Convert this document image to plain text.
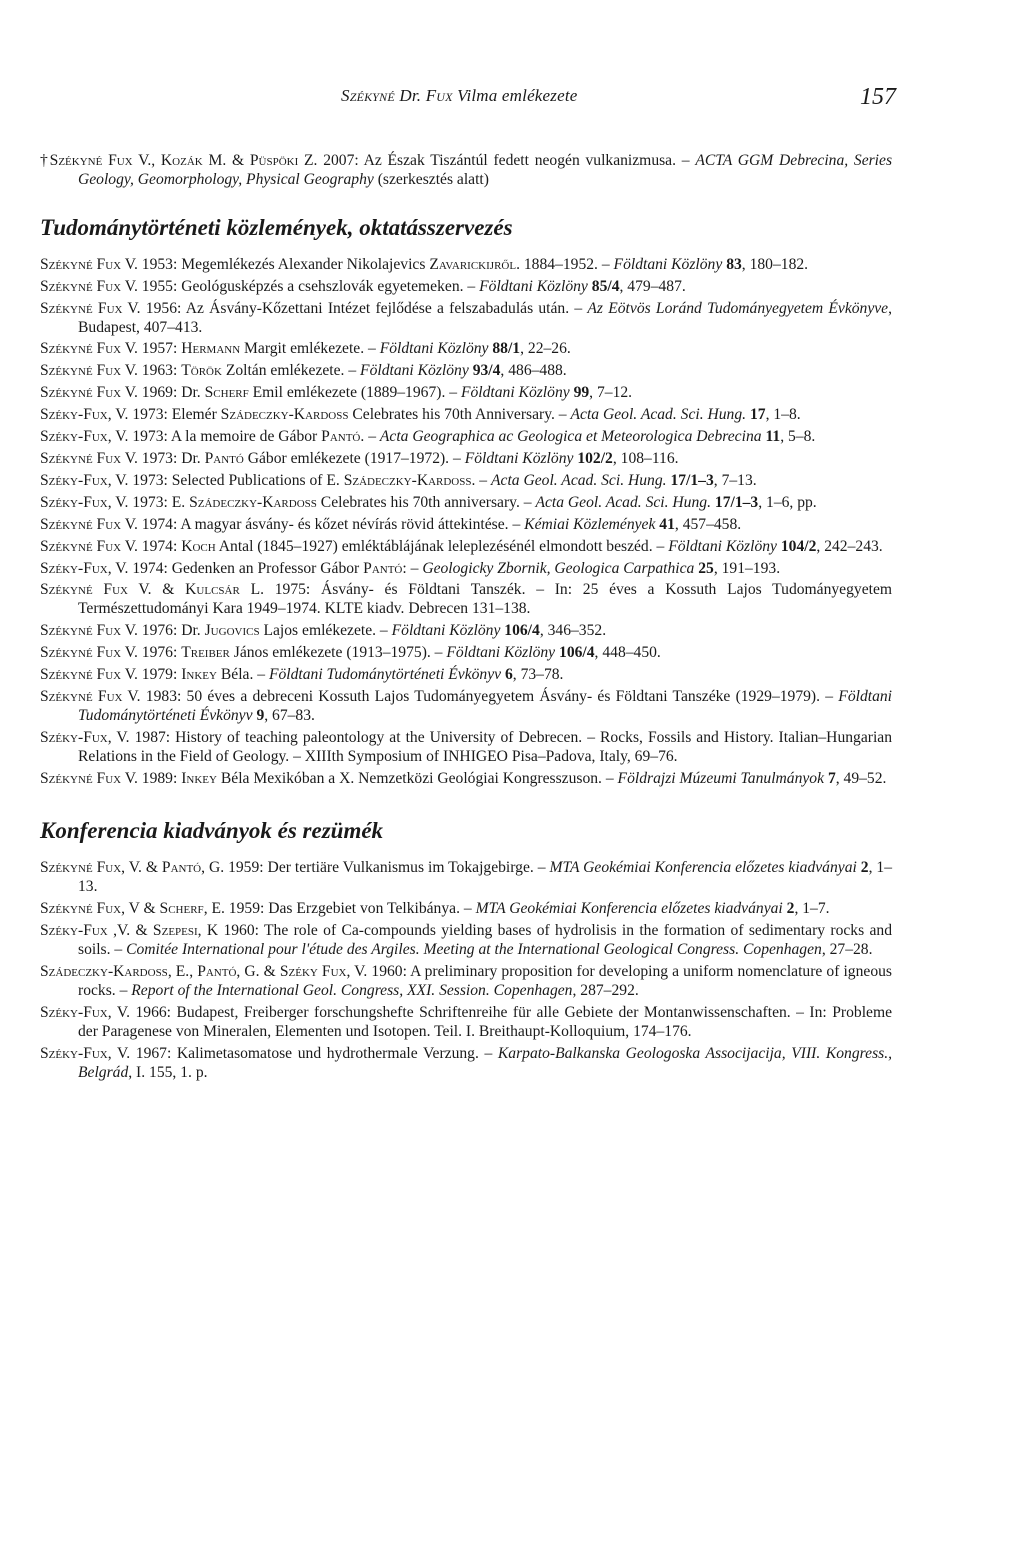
Székyné Dr. Fux Vilma emlékezete	157

†Székyné Fux V., Kozák M. & Püspöki Z. 2007: Az Észak Tiszántúl fedett neogén vulkanizmusa. – ACTA GGM Debrecina, Series Geology, Geomorphology, Physical Geography (szerkesztés alatt)

Tudománytörténeti közlemények, oktatásszervezés

Székyné Fux V. 1953: Megemlékezés Alexander Nikolajevics Zavarickijről. 1884–1952. – Földtani Közlöny 83, 180–182.

Székyné Fux V. 1955: Geológusképzés a csehszlovák egyetemeken. – Földtani Közlöny 85/4, 479–487.

Székyné Fux V. 1956: Az Ásvány-Kőzettani Intézet fejlődése a felszabadulás után. – Az Eötvös Loránd Tudományegyetem Évkönyve, Budapest, 407–413.

Székyné Fux V. 1957: Hermann Margit emlékezete. – Földtani Közlöny 88/1, 22–26.

Székyné Fux V. 1963: Török Zoltán emlékezete. – Földtani Közlöny 93/4, 486–488.

Székyné Fux V. 1969: Dr. Scherf Emil emlékezete (1889–1967). – Földtani Közlöny 99, 7–12.

Széky-Fux, V. 1973: Elemér Szádeczky-Kardoss Celebrates his 70th Anniversary. – Acta Geol. Acad. Sci. Hung. 17, 1–8.

Széky-Fux, V. 1973: A la memoire de Gábor Pantó. – Acta Geographica ac Geologica et Meteorologica Debrecina 11, 5–8.

Székyné Fux V. 1973: Dr. Pantó Gábor emlékezete (1917–1972). – Földtani Közlöny 102/2, 108–116.

Széky-Fux, V. 1973: Selected Publications of E. Szádeczky-Kardoss. – Acta Geol. Acad. Sci. Hung. 17/1–3, 7–13.

Széky-Fux, V. 1973: E. Szádeczky-Kardoss Celebrates his 70th anniversary. – Acta Geol. Acad. Sci. Hung. 17/1–3, 1–6, pp.

Székyné Fux V. 1974: A magyar ásvány- és kőzet névírás rövid áttekintése. – Kémiai Közlemények 41, 457–458.

Székyné Fux V. 1974: Koch Antal (1845–1927) emléktáblájának leleplezésénél elmondott beszéd. – Földtani Közlöny 104/2, 242–243.

Széky-Fux, V. 1974: Gedenken an Professor Gábor Pantó: – Geologicky Zbornik, Geologica Carpathica 25, 191–193.

Székyné Fux V. & Kulcsár L. 1975: Ásvány- és Földtani Tanszék. – In: 25 éves a Kossuth Lajos Tudományegyetem Természettudományi Kara 1949–1974. KLTE kiadv. Debrecen 131–138.

Székyné Fux V. 1976: Dr. Jugovics Lajos emlékezete. – Földtani Közlöny 106/4, 346–352.

Székyné Fux V. 1976: Treiber János emlékezete (1913–1975). – Földtani Közlöny 106/4, 448–450.

Székyné Fux V. 1979: Inkey Béla. – Földtani Tudománytörténeti Évkönyv 6, 73–78.

Székyné Fux V. 1983: 50 éves a debreceni Kossuth Lajos Tudományegyetem Ásvány- és Földtani Tanszéke (1929–1979). – Földtani Tudománytörténeti Évkönyv 9, 67–83.

Széky-Fux, V. 1987: History of teaching paleontology at the University of Debrecen. – Rocks, Fossils and History. Italian–Hungarian Relations in the Field of Geology. – XIIIth Symposium of INHIGEO Pisa–Padova, Italy, 69–76.

Székyné Fux V. 1989: Inkey Béla Mexikóban a X. Nemzetközi Geológiai Kongresszuson. – Földrajzi Múzeumi Tanulmányok 7, 49–52.

Konferencia kiadványok és rezümék

Székyné Fux, V. & Pantó, G. 1959: Der tertiäre Vulkanismus im Tokajgebirge. – MTA Geokémiai Konferencia előzetes kiadványai 2, 1–13.

Székyné Fux, V & Scherf, E. 1959: Das Erzgebiet von Telkibánya. – MTA Geokémiai Konferencia előzetes kiadványai 2, 1–7.

Széky-Fux ,V. & Szepesi, K 1960: The role of Ca-compounds yielding bases of hydrolisis in the formation of sedimentary rocks and soils. – Comitée International pour l'étude des Argiles. Meeting at the International Geological Congress. Copenhagen, 27–28.

Szádeczky-Kardoss, E., Pantó, G. & Széky Fux, V. 1960: A preliminary proposition for developing a uniform nomenclature of igneous rocks. – Report of the International Geol. Congress, XXI. Session. Copenhagen, 287–292.

Széky-Fux, V. 1966: Budapest, Freiberger forschungshefte Schriftenreihe für alle Gebiete der Montanwissenschaften. – In: Probleme der Paragenese von Mineralen, Elementen und Isotopen. Teil. I. Breithaupt-Kolloquium, 174–176.

Széky-Fux, V. 1967: Kalimetasomatose und hydrothermale Verzung. – Karpato-Balkanska Geologoska Associjacija, VIII. Kongress., Belgrád, I. 155, 1. p.
